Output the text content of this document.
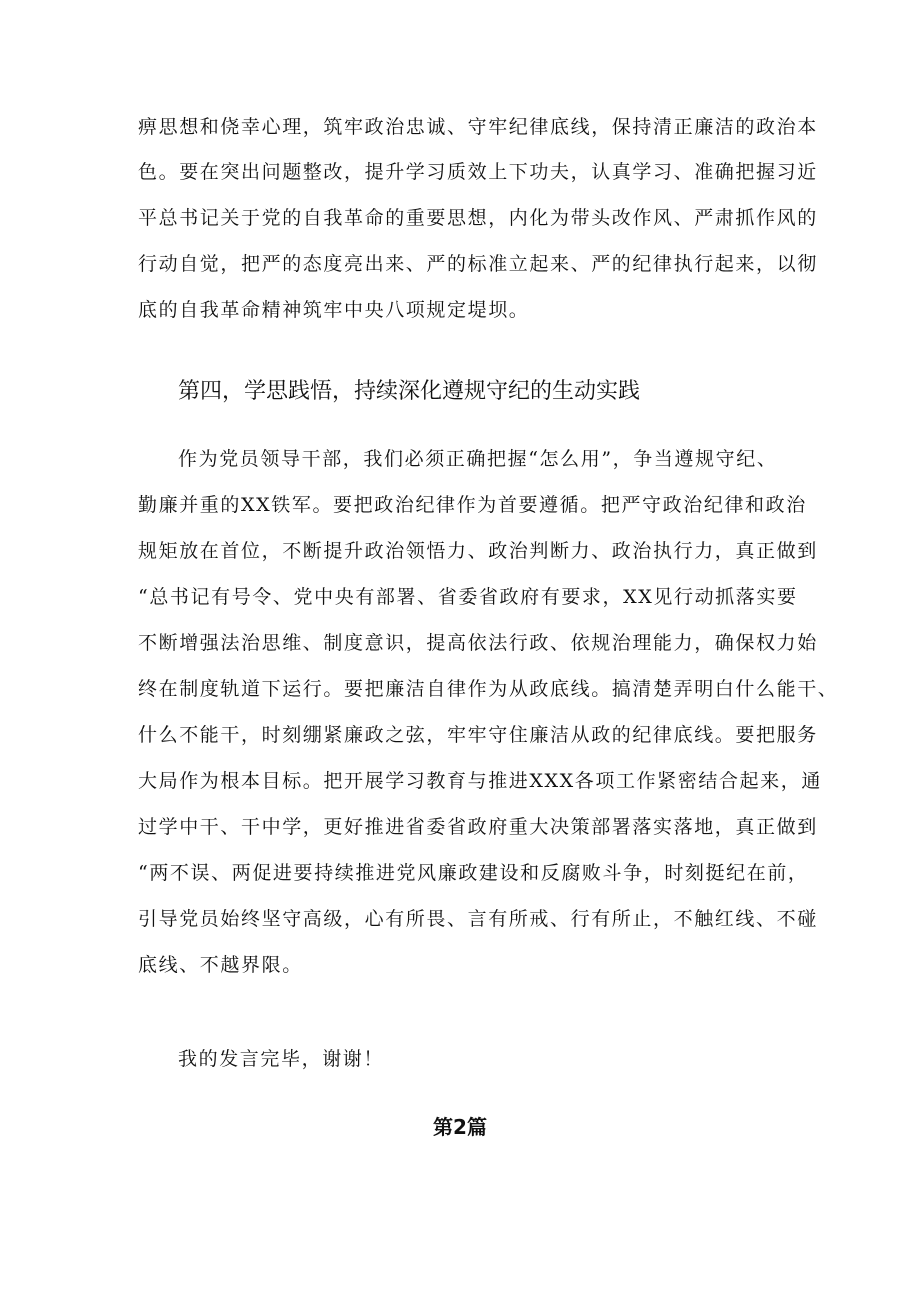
痹思想和侥幸心理，筑牢政治忠诚、守牢纪律底线，保持清正廉洁的政治本
色。要在突出问题整改，提升学习质效上下功夫，认真学习、准确把握习近
平总书记关于党的自我革命的重要思想，内化为带头改作风、严肃抓作风的
行动自觉，把严的态度亮出来、严的标准立起来、严的纪律执行起来，以彻
底的自我革命精神筑牢中央八项规定堤坝。
第四，学思践悟，持续深化遵规守纪的生动实践
作为党员领导干部，我们必须正确把握“怎么用”，争当遵规守纪、
勤廉并重的XX铁军。要把政治纪律作为首要遵循。把严守政治纪律和政治
规矩放在首位，不断提升政治领悟力、政治判断力、政治执行力，真正做到
“总书记有号令、党中央有部署、省委省政府有要求，XX见行动抓落实要
不断增强法治思维、制度意识，提高依法行政、依规治理能力，确保权力始
终在制度轨道下运行。要把廉洁自律作为从政底线。搞清楚弄明白什么能干、
什么不能干，时刻绷紧廉政之弦，牢牢守住廉洁从政的纪律底线。要把服务
大局作为根本目标。把开展学习教育与推进XXX各项工作紧密结合起来，通
过学中干、干中学，更好推进省委省政府重大决策部署落实落地，真正做到
“两不误、两促进要持续推进党风廉政建设和反腐败斗争，时刻挺纪在前，
引导党员始终坚守高级，心有所畏、言有所戒、行有所止，不触红线、不碰
底线、不越界限。
我的发言完毕，谢谢！
第2篇
